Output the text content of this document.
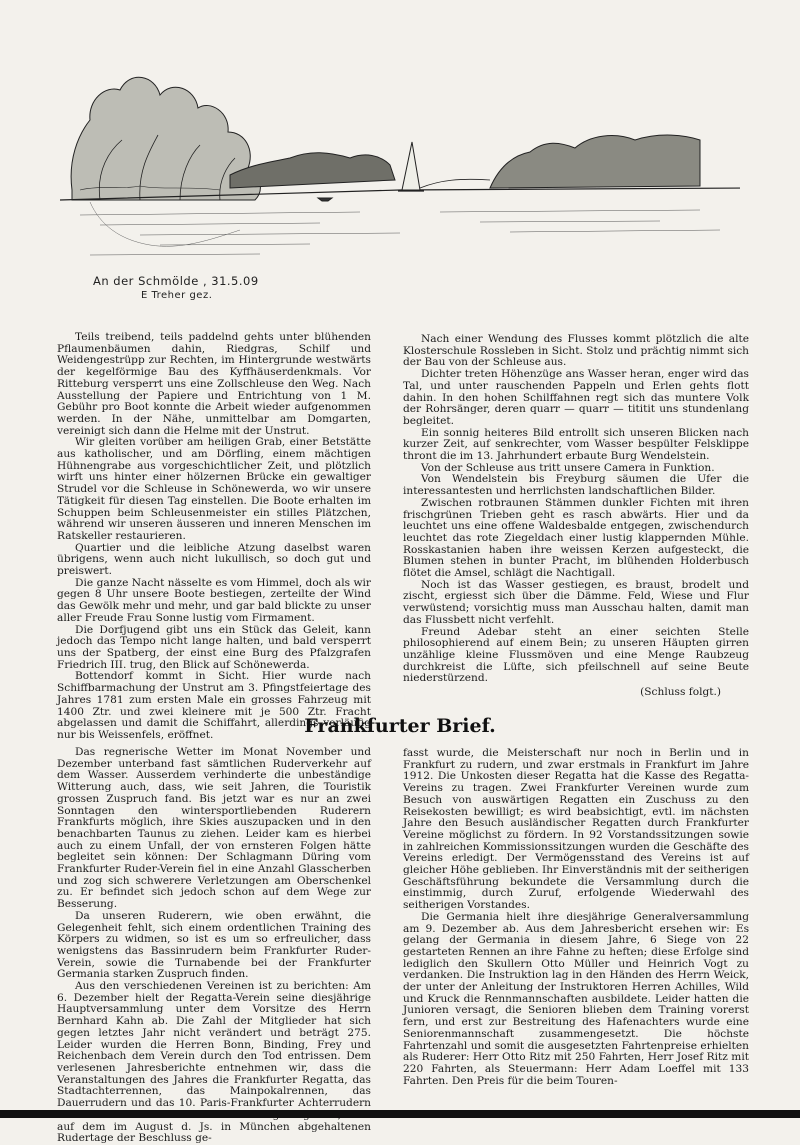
An der Schmölde , 31.5.09
E Treher gez.

Teils treibend, teils paddelnd gehts unter blühenden Pflaumenbäumen dahin, Riedgras, Schilf und Weidengestrüpp zur Rechten, im Hintergrunde westwärts der kegelförmige Bau des Kyffhäuserdenkmals. Vor Ritteburg versperrt uns eine Zollschleuse den Weg. Nach Ausstellung der Papiere und Entrichtung von 1 M. Gebühr pro Boot konnte die Arbeit wieder aufgenommen werden. In der Nähe, unmittelbar am Domgarten, vereinigt sich dann die Helme mit der Unstrut.

Wir gleiten vorüber am heiligen Grab, einer Betstätte aus katholischer, und am Dörfling, einem mächtigen Hühnengrabe aus vorgeschichtlicher Zeit, und plötzlich wirft uns hinter einer hölzernen Brücke ein gewaltiger Strudel vor die Schleuse in Schönewerda, wo wir unsere Tätigkeit für diesen Tag einstellen. Die Boote erhalten im Schuppen beim Schleusenmeister ein stilles Plätzchen, während wir unseren äusseren und inneren Menschen im Ratskeller restaurieren.

Quartier und die leibliche Atzung daselbst waren übrigens, wenn auch nicht lukullisch, so doch gut und preiswert.

Die ganze Nacht nässelte es vom Himmel, doch als wir gegen 8 Uhr unsere Boote bestiegen, zerteilte der Wind das Gewölk mehr und mehr, und gar bald blickte zu unser aller Freude Frau Sonne lustig vom Firmament.

Die Dorfjugend gibt uns ein Stück das Geleit, kann jedoch das Tempo nicht lange halten, und bald versperrt uns der Spatberg, der einst eine Burg des Pfalzgrafen Friedrich III. trug, den Blick auf Schönewerda.

Bottendorf kommt in Sicht. Hier wurde nach Schiffbarmachung der Unstrut am 3. Pfingstfeiertage des Jahres 1781 zum ersten Male ein grosses Fahrzeug mit 1400 Ztr. und zwei kleinere mit je 500 Ztr. Fracht abgelassen und damit die Schiffahrt, allerdings vorläufig nur bis Weissenfels, eröffnet.

Nach einer Wendung des Flusses kommt plötzlich die alte Klosterschule Rossleben in Sicht. Stolz und prächtig nimmt sich der Bau von der Schleuse aus.

Dichter treten Höhenzüge ans Wasser heran, enger wird das Tal, und unter rauschenden Pappeln und Erlen gehts flott dahin. In den hohen Schilffahnen regt sich das muntere Volk der Rohrsänger, deren quarr — quarr — tititit uns stundenlang begleitet.

Ein sonnig heiteres Bild entrollt sich unseren Blicken nach kurzer Zeit, auf senkrechter, vom Wasser bespülter Felsklippe thront die im 13. Jahrhundert erbaute Burg Wendelstein.

Von der Schleuse aus tritt unsere Camera in Funktion.

Von Wendelstein bis Freyburg säumen die Ufer die interessantesten und herrlichsten landschaftlichen Bilder.

Zwischen rotbraunen Stämmen dunkler Fichten mit ihren frischgrünen Trieben geht es rasch abwärts. Hier und da leuchtet uns eine offene Waldesbalde entgegen, zwischendurch leuchtet das rote Ziegeldach einer lustig klappernden Mühle. Rosskastanien haben ihre weissen Kerzen aufgesteckt, die Blumen stehen in bunter Pracht, im blühenden Holderbusch flötet die Amsel, schlägt die Nachtigall.

Noch ist das Wasser gestiegen, es braust, brodelt und zischt, ergiesst sich über die Dämme. Feld, Wiese und Flur verwüstend; vorsichtig muss man Ausschau halten, damit man das Flussbett nicht verfehlt.

Freund Adebar steht an einer seichten Stelle philosophierend auf einem Bein; zu unseren Häupten girren unzählige kleine Flussmöven und eine Menge Raubzeug durchkreist die Lüfte, sich pfeilschnell auf seine Beute niederstürzend.

(Schluss folgt.)

Frankfurter Brief.

Das regnerische Wetter im Monat November und Dezember unterband fast sämtlichen Ruderverkehr auf dem Wasser. Ausserdem verhinderte die unbeständige Witterung auch, dass, wie seit Jahren, die Touristik grossen Zuspruch fand. Bis jetzt war es nur an zwei Sonntagen den wintersportliebenden Ruderern Frankfurts möglich, ihre Skies auszupacken und in den benachbarten Taunus zu ziehen. Leider kam es hierbei auch zu einem Unfall, der von ernsteren Folgen hätte begleitet sein können: Der Schlagmann Düring vom Frankfurter Ruder-Verein fiel in eine Anzahl Glasscherben und zog sich schwerere Verletzungen am Oberschenkel zu. Er befindet sich jedoch schon auf dem Wege zur Besserung.

Da unseren Ruderern, wie oben erwähnt, die Gelegenheit fehlt, sich einem ordentlichen Training des Körpers zu widmen, so ist es um so erfreulicher, dass wenigstens das Bassinrudern beim Frankfurter Ruder-Verein, sowie die Turnabende bei der Frankfurter Germania starken Zuspruch finden.

Aus den verschiedenen Vereinen ist zu berichten: Am 6. Dezember hielt der Regatta-Verein seine diesjährige Hauptversammlung unter dem Vorsitze des Herrn Bernhard Kahn ab. Die Zahl der Mitglieder hat sich gegen letztes Jahr nicht verändert und beträgt 275. Leider wurden die Herren Bonn, Binding, Frey und Reichenbach dem Verein durch den Tod entrissen. Dem verlesenen Jahresberichte entnehmen wir, dass die Veranstaltungen des Jahres die Frankfurter Regatta, das Stadtachterrennen, das Mainpokalrennen, das Dauerrudern und das 10. Paris-Frankfurter Achterrudern auf dem im August d. Js. in München abgehaltenen Rudertage der Beschluss ge-

fasst wurde, die Meisterschaft nur noch in Berlin und in Frankfurt zu rudern, und zwar erstmals in Frankfurt im Jahre 1912. Die Unkosten dieser Regatta hat die Kasse des Regatta-Vereins zu tragen. Zwei Frankfurter Vereinen wurde zum Besuch von auswärtigen Regatten ein Zuschuss zu den Reisekosten bewilligt; es wird beabsichtigt, evtl. im nächsten Jahre den Besuch ausländischer Regatten durch Frankfurter Vereine möglichst zu fördern. In 92 Vorstandssitzungen sowie in zahlreichen Kommissionssitzungen wurden die Geschäfte des Vereins erledigt. Der Vermögensstand des Vereins ist auf gleicher Höhe geblieben. Ihr Einverständnis mit der seitherigen Geschäftsführung bekundete die Versammlung durch die einstimmig, durch Zuruf, erfolgende Wiederwahl des seitherigen Vorstandes.

Die Germania hielt ihre diesjährige Generalversammlung am 9. Dezember ab. Aus dem Jahresbericht ersehen wir: Es gelang der Germania in diesem Jahre, 6 Siege von 22 gestarteten Rennen an ihre Fahne zu heften; diese Erfolge sind lediglich den Skullern Otto Müller und Heinrich Vogt zu verdanken. Die Instruktion lag in den Händen des Herrn Weick, der unter der Anleitung der Instruktoren Herren Achilles, Wild und Kruck die Rennmannschaften ausbildete. Leider hatten die Junioren versagt, die Senioren blieben dem Training vorerst fern, und erst zur Bestreitung des Hafenachters wurde eine Seniorenmannschaft zusammengesetzt. Die höchste Fahrtenzahl und somit die ausgesetzten Fahrtenpreise erhielten als Ruderer: Herr Otto Ritz mit 250 Fahrten, Herr Josef Ritz mit 220 Fahrten, als Steuermann: Herr Adam Loeffel mit 133 Fahrten. Den Preis für die beim Touren-
